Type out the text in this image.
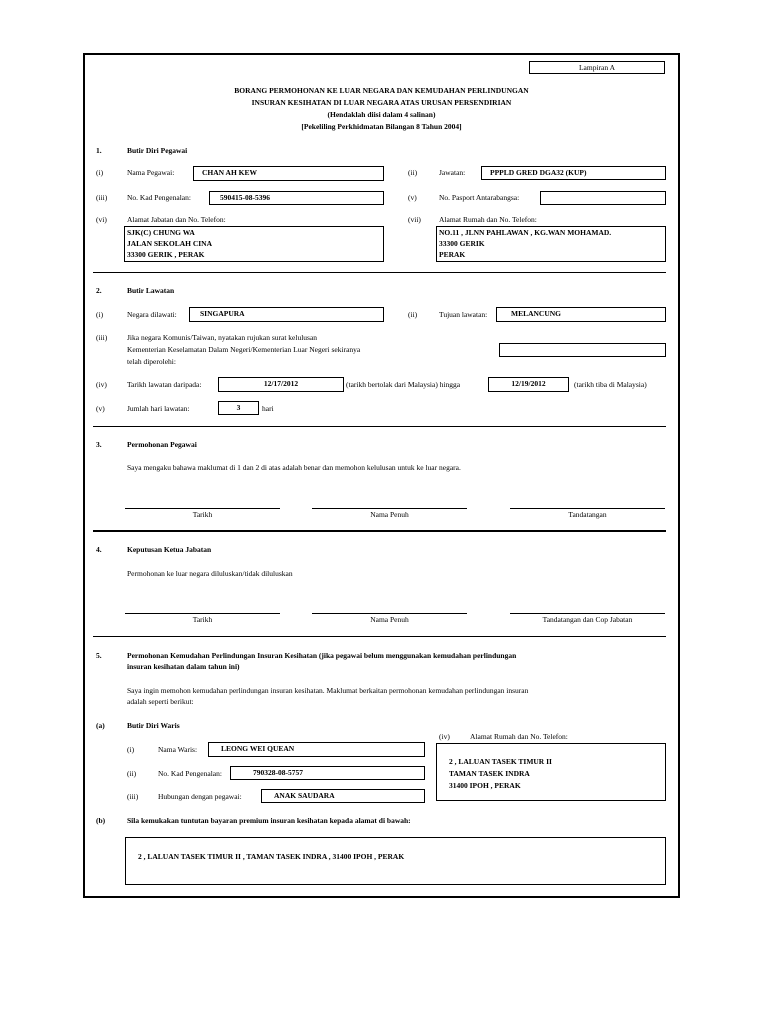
Lampiran A
BORANG PERMOHONAN KE LUAR NEGARA DAN KEMUDAHAN PERLINDUNGAN
INSURAN KESIHATAN DI LUAR NEGARA ATAS URUSAN PERSENDIRIAN
(Hendaklah diisi dalam 4 salinan)
[Pekeliling Perkhidmatan Bilangan 8 Tahun 2004]
1.	Butir Diri Pegawai
(i)	Nama Pegawai:	CHAN AH KEW	(ii)	Jawatan:	PPPLD GRED DGA32 (KUP)
(iii)	No. Kad Pengenalan:	590415-08-5396	(v)	No. Pasport Antarabangsa:
(vi)	Alamat Jabatan dan No. Telefon:
SJK(C) CHUNG WA
JALAN SEKOLAH CINA
33300 GERIK , PERAK
(vii) Alamat Rumah dan No. Telefon:
NO.11 , JLNN PAHLAWAN , KG.WAN MOHAMAD.
33300 GERIK
PERAK
2.	Butir Lawatan
(i)	Negara dilawati:	SINGAPURA	(ii)	Tujuan lawatan:	MELANCUNG
(iii)	Jika negara Komunis/Taiwan, nyatakan rujukan surat kelulusan
Kementerian Keselamatan Dalam Negeri/Kementerian Luar Negeri sekiranya
telah diperolehi:
(iv)	Tarikh lawatan daripada:	12/17/2012	(tarikh bertolak dari Malaysia) hingga	12/19/2012	(tarikh tiba di Malaysia)
(v)	Jumlah hari lawatan:	3	hari
3.	Permohonan Pegawai
Saya mengaku bahawa maklumat di 1 dan 2 di atas adalah benar dan memohon kelulusan untuk ke luar negara.
Tarikh	Nama Penuh	Tandatangan
4.	Keputusan Ketua Jabatan
Permohonan ke luar negara diluluskan/tidak diluluskan
Tarikh	Nama Penuh	Tandatangan dan Cop Jabatan
5.	Permohonan Kemudahan Perlindungan Insuran Kesihatan (jika pegawai belum menggunakan kemudahan perlindungan
insuran kesihatan dalam tahun ini)
Saya ingin memohon kemudahan perlindungan insuran kesihatan. Maklumat berkaitan permohonan kemudahan perlindungan insuran
adalah seperti berikut:
(a)	Butir Diri Waris
(i)	Nama Waris:	LEONG WEI QUEAN
(ii)	No. Kad Pengenalan:	790328-08-5757
(iii)	Hubungan dengan pegawai:	ANAK SAUDARA
(iv)	Alamat Rumah dan No. Telefon:
2 , LALUAN TASEK TIMUR II
TAMAN TASEK INDRA
31400 IPOH , PERAK
(b)	Sila kemukakan tuntutan bayaran premium insuran kesihatan kepada alamat di bawah:
2 , LALUAN TASEK TIMUR II , TAMAN TASEK INDRA , 31400 IPOH , PERAK
